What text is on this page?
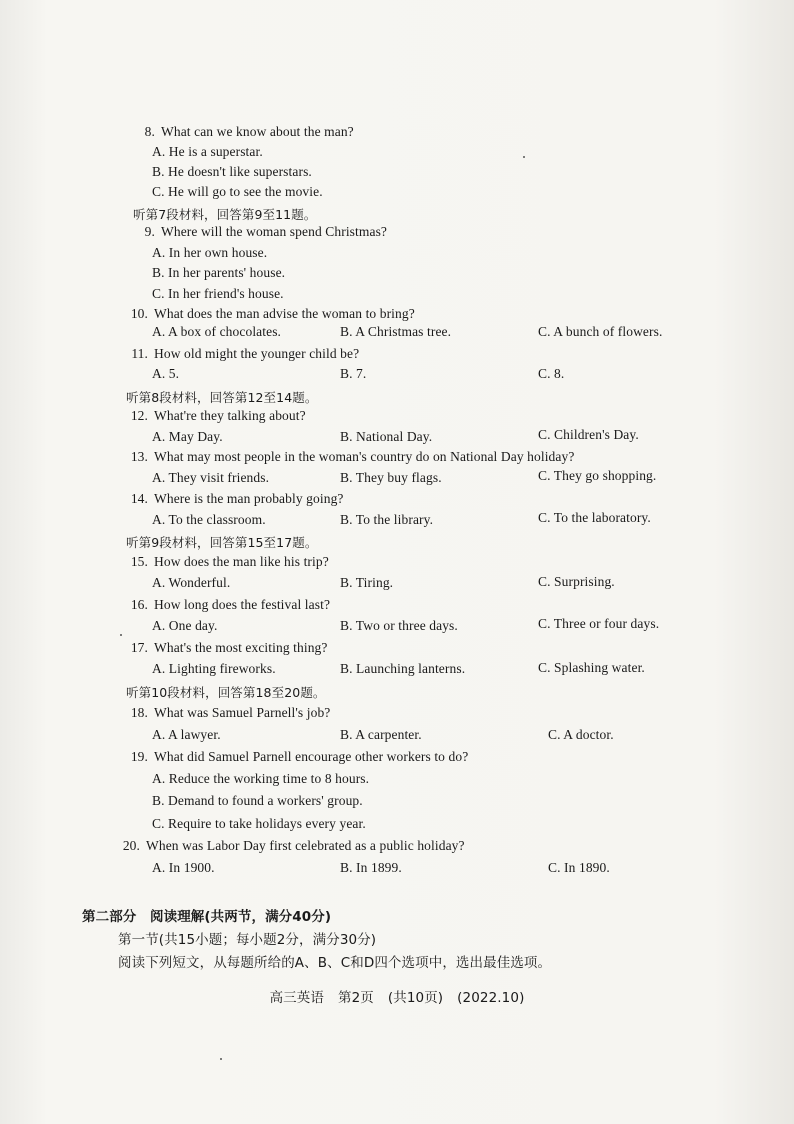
8. What can we know about the man?
A. He is a superstar.
B. He doesn't like superstars.
C. He will go to see the movie.
听第7段材料，回答第9至11题。
9. Where will the woman spend Christmas?
A. In her own house.
B. In her parents' house.
C. In her friend's house.
10. What does the man advise the woman to bring?
A. A box of chocolates.	B. A Christmas tree.	C. A bunch of flowers.
11. How old might the younger child be?
A. 5.	B. 7.	C. 8.
听第8段材料，回答第12至14题。
12. What're they talking about?
A. May Day.	B. National Day.	C. Children's Day.
13. What may most people in the woman's country do on National Day holiday?
A. They visit friends.	B. They buy flags.	C. They go shopping.
14. Where is the man probably going?
A. To the classroom.	B. To the library.	C. To the laboratory.
听第9段材料，回答第15至17题。
15. How does the man like his trip?
A. Wonderful.	B. Tiring.	C. Surprising.
16. How long does the festival last?
A. One day.	B. Two or three days.	C. Three or four days.
17. What's the most exciting thing?
A. Lighting fireworks.	B. Launching lanterns.	C. Splashing water.
听第10段材料，回答第18至20题。
18. What was Samuel Parnell's job?
A. A lawyer.	B. A carpenter.	C. A doctor.
19. What did Samuel Parnell encourage other workers to do?
A. Reduce the working time to 8 hours.
B. Demand to found a workers' group.
C. Require to take holidays every year.
20. When was Labor Day first celebrated as a public holiday?
A. In 1900.	B. In 1899.	C. In 1890.
第二部分　阅读理解(共两节，满分40分)
第一节(共15小题；每小题2分，满分30分)
阅读下列短文，从每题所给的A、B、C和D四个选项中，选出最佳选项。
高三英语 第2页 (共10页) (2022.10)
